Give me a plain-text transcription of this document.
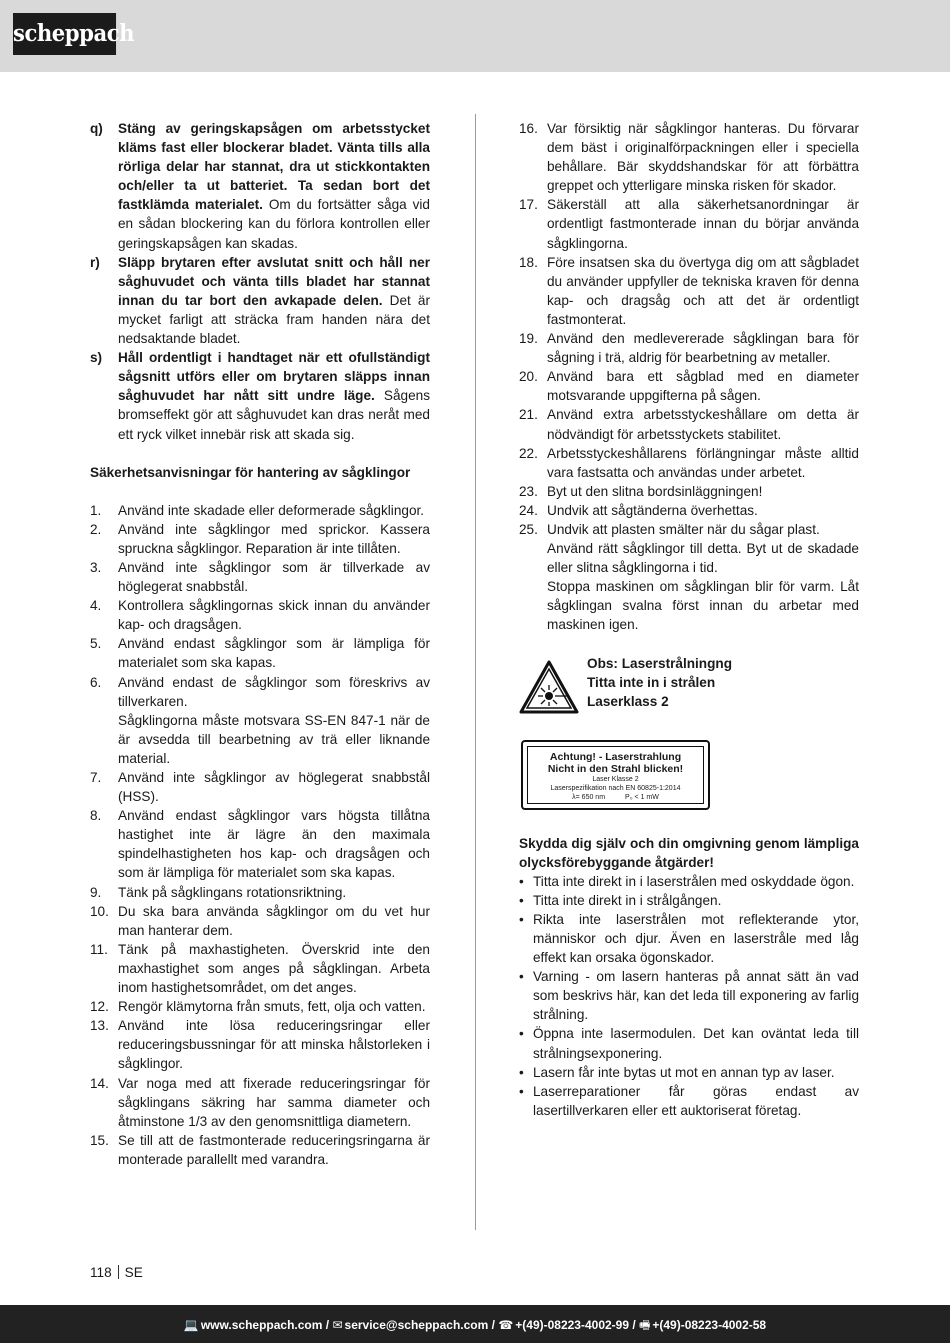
scheppach
q)	Stäng av geringskapsågen om arbetsstycket kläms fast eller blockerar bladet. Vänta tills alla rörliga delar har stannat, dra ut stickkontakten och/eller ta ut batteriet. Ta sedan bort det fastklämda materialet. Om du fortsätter såga vid en sådan blockering kan du förlora kontrollen eller geringskapsågen kan skadas.
r)	Släpp brytaren efter avslutat snitt och håll ner såghuvudet och vänta tills bladet har stannat innan du tar bort den avkapade delen. Det är mycket farligt att sträcka fram handen nära det nedsaktande bladet.
s)	Håll ordentligt i handtaget när ett ofullständigt sågsnitt utförs eller om brytaren släpps innan såghuvudet har nått sitt undre läge. Sågens bromseffekt gör att såghuvudet kan dras neråt med ett ryck vilket innebär risk att skada sig.
Säkerhetsanvisningar för hantering av sågklingor
1.	Använd inte skadade eller deformerade sågklingor.
2.	Använd inte sågklingor med sprickor. Kassera spruckna sågklingor. Reparation är inte tillåten.
3.	Använd inte sågklingor som är tillverkade av höglegerat snabbstål.
4.	Kontrollera sågklingornas skick innan du använder kap- och dragsågen.
5.	Använd endast sågklingor som är lämpliga för materialet som ska kapas.
6.	Använd endast de sågklingor som föreskrivs av tillverkaren.
Sågklingorna måste motsvara SS-EN 847-1 när de är avsedda till bearbetning av trä eller liknande material.
7.	Använd inte sågklingor av höglegerat snabbstål (HSS).
8.	Använd endast sågklingor vars högsta tillåtna hastighet inte är lägre än den maximala spindelhastigheten hos kap- och dragsågen och som är lämpliga för materialet som ska kapas.
9.	Tänk på sågklingans rotationsriktning.
10. Du ska bara använda sågklingor om du vet hur man hanterar dem.
11. Tänk på maxhastigheten. Överskrid inte den maxhastighet som anges på sågklingan. Arbeta inom hastighetsområdet, om det anges.
12. Rengör klämytorna från smuts, fett, olja och vatten.
13. Använd inte lösa reduceringsringar eller reduceringsbussningar för att minska hålstorleken i sågklingor.
14. Var noga med att fixerade reduceringsringar för sågklingans säkring har samma diameter och åtminstone 1/3 av den genomsnittliga diametern.
15. Se till att de fastmonterade reduceringsringarna är monterade parallellt med varandra.
16. Var försiktig när sågklingor hanteras. Du förvarar dem bäst i originalförpackningen eller i speciella behållare. Bär skyddshandskar för att förbättra greppet och ytterligare minska risken för skador.
17. Säkerställ att alla säkerhetsanordningar är ordentligt fastmonterade innan du börjar använda sågklingorna.
18. Före insatsen ska du övertyga dig om att sågbladet du använder uppfyller de tekniska kraven för denna kap- och dragsåg och att det är ordentligt fastmonterat.
19. Använd den medlevererade sågklingan bara för sågning i trä, aldrig för bearbetning av metaller.
20. Använd bara ett sågblad med en diameter motsvarande uppgifterna på sågen.
21. Använd extra arbetsstyckeshållare om detta är nödvändigt för arbetsstyckets stabilitet.
22. Arbetsstyckeshållarens förlängningar måste alltid vara fastsatta och användas under arbetet.
23. Byt ut den slitna bordsinläggningen!
24. Undvik att sågtänderna överhettas.
25. Undvik att plasten smälter när du sågar plast.
Använd rätt sågklingor till detta. Byt ut de skadade eller slitna sågklingorna i tid.
Stoppa maskinen om sågklingan blir för varm. Låt sågklingan svalna först innan du arbetar med maskinen igen.
Obs: Laserstrålningng
Titta inte in i strålen
Laserklass 2
Achtung! - Laserstrahlung
Nicht in den Strahl blicken!
Laser Klasse 2
Laserspezifikation nach EN 60825-1:2014
λ= 650 nm	P₀ < 1 mW
Skydda dig själv och din omgivning genom lämpliga olycksförebyggande åtgärder!
• Titta inte direkt in i laserstrålen med oskyddade ögon.
• Titta inte direkt in i strålgången.
• Rikta inte laserstrålen mot reflekterande ytor, människor och djur. Även en laserstråle med låg effekt kan orsaka ögonskador.
• Varning - om lasern hanteras på annat sätt än vad som beskrivs här, kan det leda till exponering av farlig strålning.
• Öppna inte lasermodulen. Det kan oväntat leda till strålningsexponering.
• Lasern får inte bytas ut mot en annan typ av laser.
• Laserreparationer får göras endast av lasertillverkaren eller ett auktoriserat företag.
118 SE
💻 www.scheppach.com / ✉ service@scheppach.com / ☎ +(49)-08223-4002-99 / 🖷 +(49)-08223-4002-58
